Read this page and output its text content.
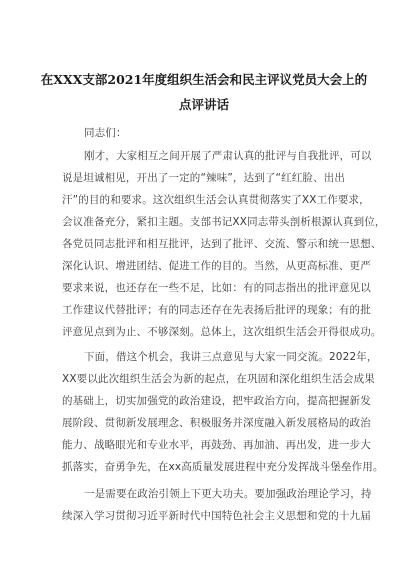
在XXX支部2021年度组织生活会和民主评议党员大会上的
点评讲话
同志们：
刚才，大家相互之间开展了严肃认真的批评与自我批评，可以
说是坦诚相见，开出了一定的“辣味”，达到了“红红脸、出出
汗”的目的和要求。这次组织生活会认真贯彻落实了XX工作要求，
会议准备充分，紧扣主题。支部书记XX同志带头剖析根源认真到位，
各党员同志批评和相互批评，达到了批评、交流、警示和统一思想、
深化认识、增进团结、促进工作的目的。当然，从更高标准、更严
要求来说，也还存在一些不足，比如：有的同志指出的批评意见以
工作建议代替批评；有的同志还存在先表扬后批评的现象；有的批
评意见点到为止、不够深刻。总体上，这次组织生活会开得很成功。
下面，借这个机会，我讲三点意见与大家一同交流。2022年，
XX要以此次组织生活会为新的起点，在巩固和深化组织生活会成果
的基础上，切实加强党的政治建设，把牢政治方向，提高把握新发
展阶段、贯彻新发展理念、积极服务并深度融入新发展格局的政治
能力、战略眼光和专业水平，再鼓劲、再加油、再出发，进一步大
抓落实，奋勇争先，在xx高质量发展进程中充分发挥战斗堡垒作用。
一是需要在政治引领上下更大功夫。要加强政治理论学习，持
续深入学习贯彻习近平新时代中国特色社会主义思想和党的十九届
